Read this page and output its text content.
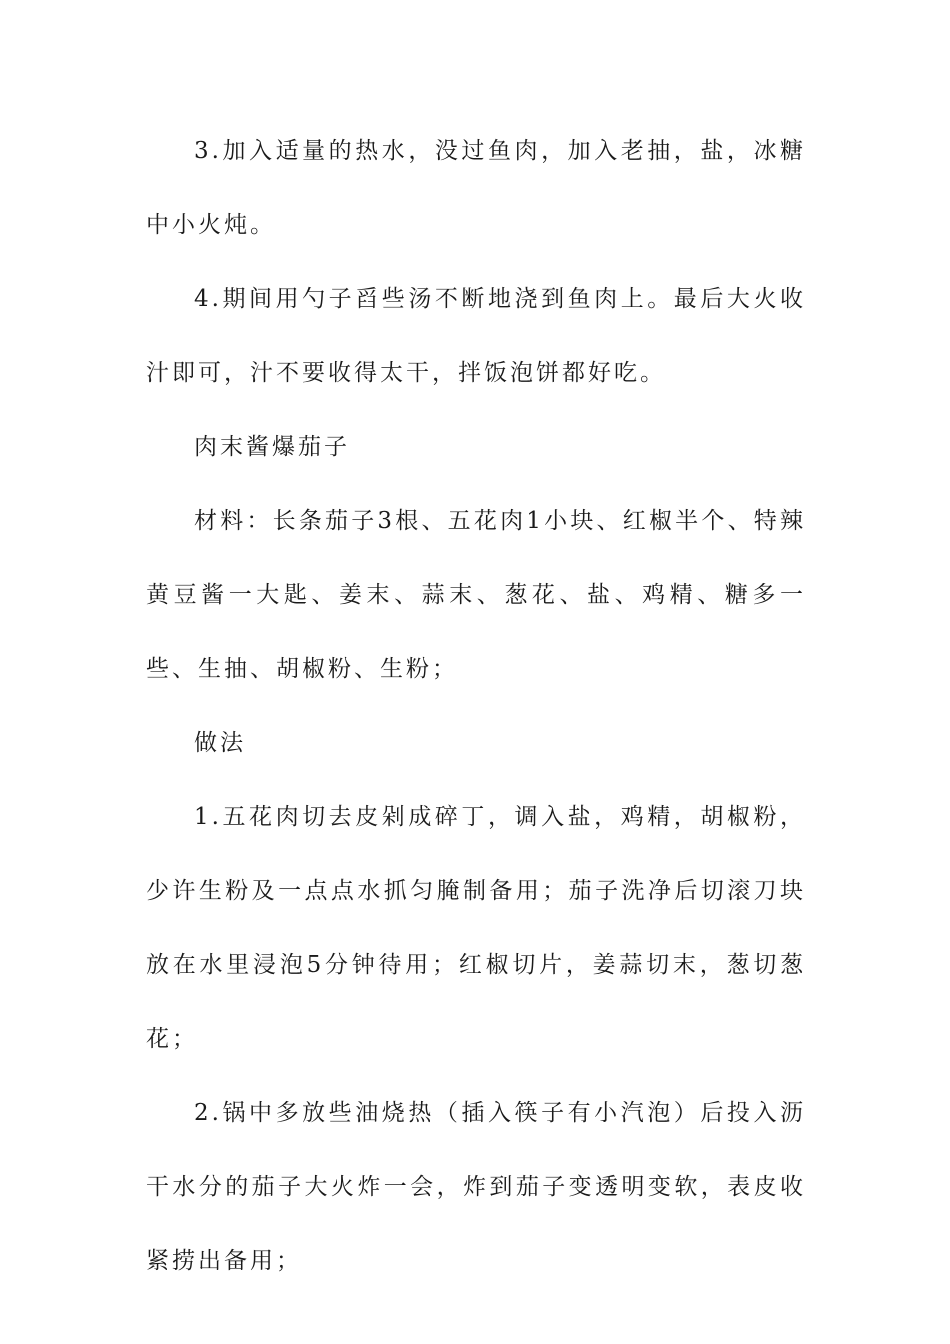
3.加入适量的热水，没过鱼肉，加入老抽，盐，冰糖中小火炖。

4.期间用勺子舀些汤不断地浇到鱼肉上。最后大火收汁即可，汁不要收得太干，拌饭泡饼都好吃。

肉末酱爆茄子

材料：长条茄子3根、五花肉1小块、红椒半个、特辣黄豆酱一大匙、姜末、蒜末、葱花、盐、鸡精、糖多一些、生抽、胡椒粉、生粉；

做法

1.五花肉切去皮剁成碎丁，调入盐，鸡精，胡椒粉，少许生粉及一点点水抓匀腌制备用；茄子洗净后切滚刀块放在水里浸泡5分钟待用；红椒切片，姜蒜切末，葱切葱花；

2.锅中多放些油烧热（插入筷子有小汽泡）后投入沥干水分的茄子大火炸一会，炸到茄子变透明变软，表皮收紧捞出备用；
